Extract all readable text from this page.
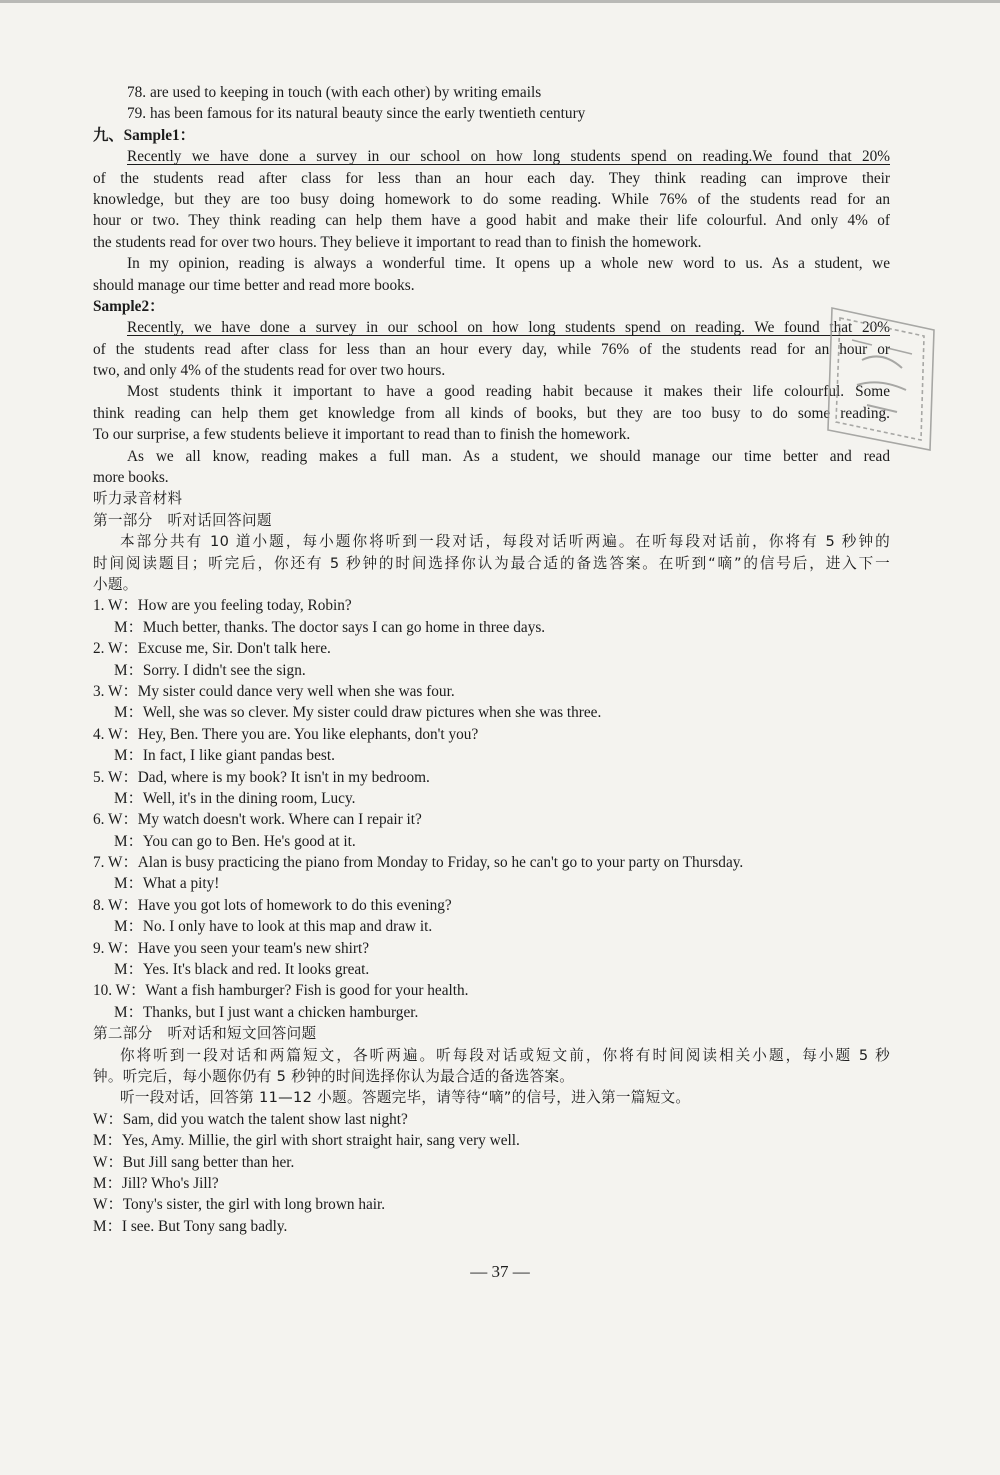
78. are used to keeping in touch (with each other) by writing emails
79. has been famous for its natural beauty since the early twentieth century
九、Sample1：
Recently we have done a survey in our school on how long students spend on reading.We found that 20%
of the students read after class for less than an hour each day. They think reading can improve their
knowledge, but they are too busy doing homework to do some reading. While 76% of the students read for an
hour or two. They think reading can help them have a good habit and make their life colourful. And only 4% of
the students read for over two hours. They believe it important to read than to finish the homework.
In my opinion, reading is always a wonderful time. It opens up a whole new word to us. As a student, we
should manage our time better and read more books.
Sample2：
Recently, we have done a survey in our school on how long students spend on reading. We found that 20%
of the students read after class for less than an hour every day, while 76% of the students read for an hour or
two, and only 4% of the students read for over two hours.
Most students think it important to have a good reading habit because it makes their life colourful. Some
think reading can help them get knowledge from all kinds of books, but they are too busy to do some reading.
To our surprise, a few students believe it important to read than to finish the homework.
As we all know, reading makes a full man. As a student, we should manage our time better and read
more books.
听力录音材料
第一部分　听对话回答问题
本部分共有 10 道小题，每小题你将听到一段对话，每段对话听两遍。在听每段对话前，你将有 5 秒钟的
时间阅读题目；听完后，你还有 5 秒钟的时间选择你认为最合适的备选答案。在听到“嘀”的信号后，进入下一
小题。
1. W：How are you feeling today, Robin?
M：Much better, thanks. The doctor says I can go home in three days.
2. W：Excuse me, Sir. Don't talk here.
M：Sorry. I didn't see the sign.
3. W：My sister could dance very well when she was four.
M：Well, she was so clever. My sister could draw pictures when she was three.
4. W：Hey, Ben. There you are. You like elephants, don't you?
M：In fact, I like giant pandas best.
5. W：Dad, where is my book? It isn't in my bedroom.
M：Well, it's in the dining room, Lucy.
6. W：My watch doesn't work. Where can I repair it?
M：You can go to Ben. He's good at it.
7. W：Alan is busy practicing the piano from Monday to Friday, so he can't go to your party on Thursday.
M：What a pity!
8. W：Have you got lots of homework to do this evening?
M：No. I only have to look at this map and draw it.
9. W：Have you seen your team's new shirt?
M：Yes. It's black and red. It looks great.
10. W：Want a fish hamburger? Fish is good for your health.
M：Thanks, but I just want a chicken hamburger.
第二部分　听对话和短文回答问题
你将听到一段对话和两篇短文，各听两遍。听每段对话或短文前，你将有时间阅读相关小题，每小题 5 秒
钟。听完后，每小题你仍有 5 秒钟的时间选择你认为最合适的备选答案。
听一段对话，回答第 11—12 小题。答题完毕，请等待“嘀”的信号，进入第一篇短文。
W：Sam, did you watch the talent show last night?
M：Yes, Amy. Millie, the girl with short straight hair, sang very well.
W：But Jill sang better than her.
M：Jill? Who's Jill?
W：Tony's sister, the girl with long brown hair.
M：I see. But Tony sang badly.
— 37 —
